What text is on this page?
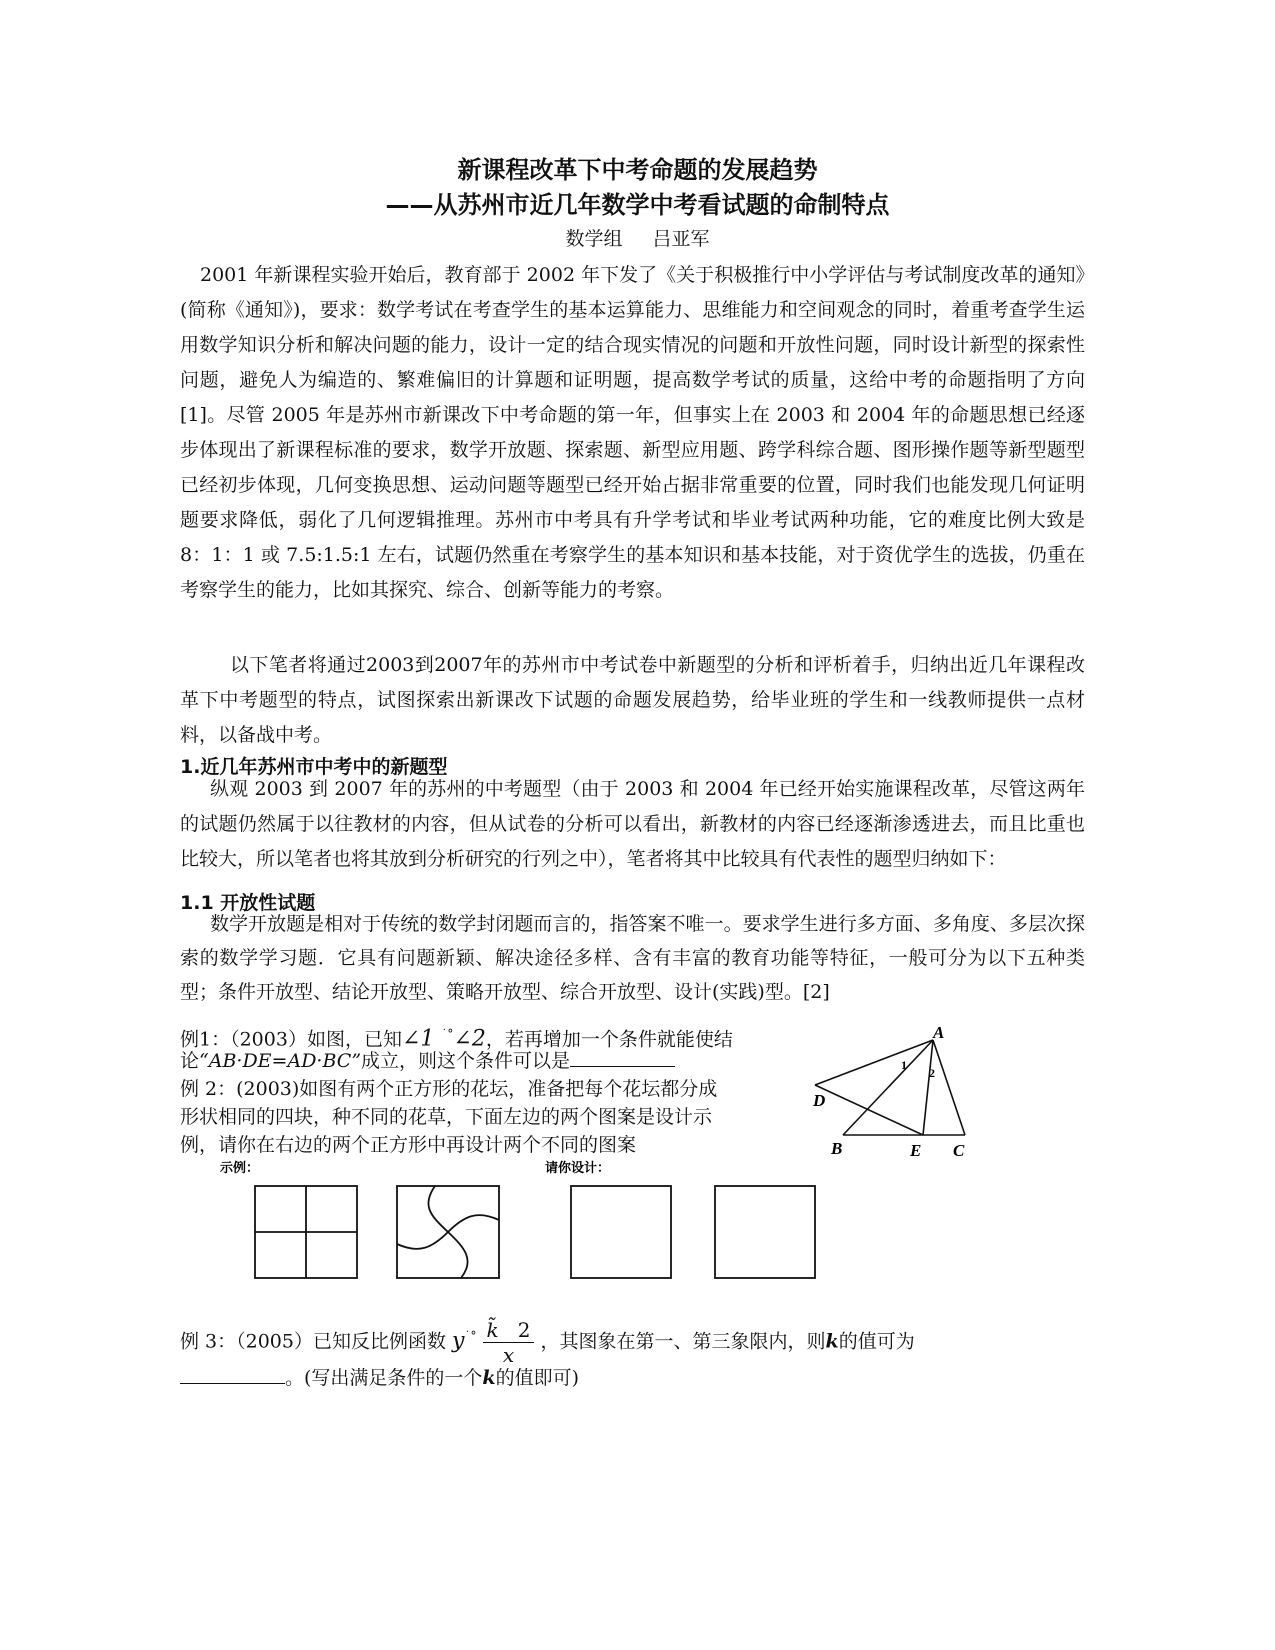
新课程改革下中考命题的发展趋势
——从苏州市近几年数学中考看试题的命制特点
数学组 吕亚军

2001 年新课程实验开始后，教育部于 2002 年下发了《关于积极推行中小学评估与考试制度改革的通知》(简称《通知》)，要求：数学考试在考查学生的基本运算能力、思维能力和空间观念的同时，着重考查学生运用数学知识分析和解决问题的能力，设计一定的结合现实情况的问题和开放性问题，同时设计新型的探索性问题，避免人为编造的、繁难偏旧的计算题和证明题，提高数学考试的质量，这给中考的命题指明了方向[1]。尽管 2005 年是苏州市新课改下中考命题的第一年，但事实上在 2003 和 2004 年的命题思想已经逐步体现出了新课程标准的要求，数学开放题、探索题、新型应用题、跨学科综合题、图形操作题等新型题型已经初步体现，几何变换思想、运动问题等题型已经开始占据非常重要的位置，同时我们也能发现几何证明题要求降低，弱化了几何逻辑推理。苏州市中考具有升学考试和毕业考试两种功能，它的难度比例大致是 8：1：1 或 7.5:1.5:1 左右，试题仍然重在考察学生的基本知识和基本技能，对于资优学生的选拔，仍重在考察学生的能力，比如其探究、综合、创新等能力的考察。

以下笔者将通过2003到2007年的苏州市中考试卷中新题型的分析和评析着手，归纳出近几年课程改革下中考题型的特点，试图探索出新课改下试题的命题发展趋势，给毕业班的学生和一线教师提供一点材料，以备战中考。

1.近几年苏州市中考中的新题型

纵观 2003 到 2007 年的苏州的中考题型（由于 2003 和 2004 年已经开始实施课程改革，尽管这两年的试题仍然属于以往教材的内容，但从试卷的分析可以看出，新教材的内容已经逐渐渗透进去，而且比重也比较大，所以笔者也将其放到分析研究的行列之中），笔者将其中比较具有代表性的题型归纳如下：

1.1 开放性试题

数学开放题是相对于传统的数学封闭题而言的，指答案不唯一。要求学生进行多方面、多角度、多层次探索的数学学习题．它具有问题新颖、解决途径多样、含有丰富的教育功能等特征，一般可分为以下五种类型；条件开放型、结论开放型、策略开放型、综合开放型、设计(实践)型。[2]

例1：（2003）如图，已知∠1 ˙°∠2，若再增加一个条件就能使结

论“AB·DE=AD·BC”成立，则这个条件可以是

例 2：(2003)如图有两个正方形的花坛，准备把每个花坛都分成

形状相同的四块，种不同的花草，下面左边的两个图案是设计示

例，请你在右边的两个正方形中再设计两个不同的图案

A
B	C
D
E
1
2
示例：	请你设计：
例 3：（2005）已知反比例函数 $y^{˙^\circ} \frac{k̃ 2}{x}$ ，其图象在第一、第三象限内，则k的值可为

。(写出满足条件的一个k的值即可)
